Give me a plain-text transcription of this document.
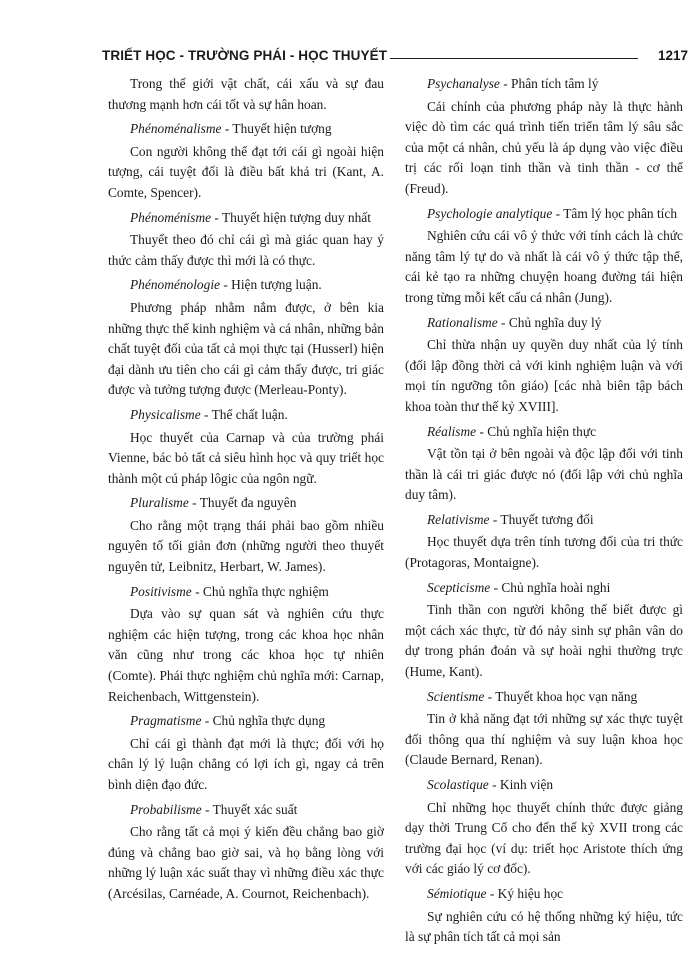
TRIẾT HỌC - TRƯỜNG PHÁI - HỌC THUYẾT	1217

Trong thế giới vật chất, cái xấu và sự đau thương mạnh hơn cái tốt và sự hân hoan.

Phénoménalisme - Thuyết hiện tượng

Con người không thể đạt tới cái gì ngoài hiện tượng, cái tuyệt đối là điều bất khả tri (Kant, A. Comte, Spencer).

Phénoménisme - Thuyết hiện tượng duy nhất

Thuyết theo đó chỉ cái gì mà giác quan hay ý thức cảm thấy được thì mới là có thực.

Phénoménologie - Hiện tượng luận.

Phương pháp nhằm nắm được, ở bên kia những thực thể kinh nghiệm và cá nhân, những bản chất tuyệt đối của tất cả mọi thực tại (Husserl) hiện đại dành ưu tiên cho cái gì cảm thấy được, tri giác được và tưởng tượng được (Merleau-Ponty).

Physicalisme - Thể chất luận.

Học thuyết của Carnap và của trường phái Vienne, bác bỏ tất cả siêu hình học và quy triết học thành một cú pháp lôgic của ngôn ngữ.

Pluralisme - Thuyết đa nguyên

Cho rằng một trạng thái phải bao gồm nhiều nguyên tố tối giản đơn (những người theo thuyết nguyên tử, Leibnitz, Herbart, W. James).

Positivisme - Chủ nghĩa thực nghiệm

Dựa vào sự quan sát và nghiên cứu thực nghiệm các hiện tượng, trong các khoa học nhân văn cũng như trong các khoa học tự nhiên (Comte). Phái thực nghiệm chủ nghĩa mới: Carnap, Reichenbach, Wittgenstein).

Pragmatisme - Chủ nghĩa thực dụng

Chỉ cái gì thành đạt mới là thực; đối với họ chân lý lý luận chẳng có lợi ích gì, ngay cả trên bình diện đạo đức.

Probabilisme - Thuyết xác suất

Cho rằng tất cả mọi ý kiến đều chẳng bao giờ đúng và chẳng bao giờ sai, và họ bằng lòng với những lý luận xác suất thay vì những điều xác thực (Arcésilas, Carnéade, A. Cournot, Reichenbach).

Psychanalyse - Phân tích tâm lý

Cái chính của phương pháp này là thực hành việc dò tìm các quá trình tiến triển tâm lý sâu sắc của một cá nhân, chủ yếu là áp dụng vào việc điều trị các rối loạn tinh thần và tinh thần - cơ thể (Freud).

Psychologie analytique - Tâm lý học phân tích

Nghiên cứu cái vô ý thức với tính cách là chức năng tâm lý tự do và nhất là cái vô ý thức tập thể, cái kẻ tạo ra những chuyện hoang đường tái hiện trong từng mỗi kết cấu cá nhân (Jung).

Rationalisme - Chủ nghĩa duy lý

Chỉ thừa nhận uy quyền duy nhất của lý tính (đối lập đồng thời cả với kinh nghiệm luận và với mọi tín ngưỡng tôn giáo) [các nhà biên tập bách khoa toàn thư thế kỷ XVIII].

Réalisme - Chủ nghĩa hiện thực

Vật tồn tại ở bên ngoài và độc lập đối với tinh thần là cái tri giác được nó (đối lập với chủ nghĩa duy tâm).

Relativisme - Thuyết tương đối

Học thuyết dựa trên tính tương đối của tri thức (Protagoras, Montaigne).

Scepticisme - Chủ nghĩa hoài nghi

Tinh thần con người không thể biết được gì một cách xác thực, từ đó nảy sinh sự phân vân do dự trong phán đoán và sự hoài nghi thường trực (Hume, Kant).

Scientisme - Thuyết khoa học vạn năng

Tin ở khả năng đạt tới những sự xác thực tuyệt đối thông qua thí nghiệm và suy luận khoa học (Claude Bernard, Renan).

Scolastique - Kinh viện

Chỉ những học thuyết chính thức được giảng dạy thời Trung Cổ cho đến thế kỷ XVII trong các trường đại học (ví dụ: triết học Aristote thích ứng với các giáo lý cơ đốc).

Sémiotique - Ký hiệu học

Sự nghiên cứu có hệ thống những ký hiệu, tức là sự phân tích tất cả mọi sản
